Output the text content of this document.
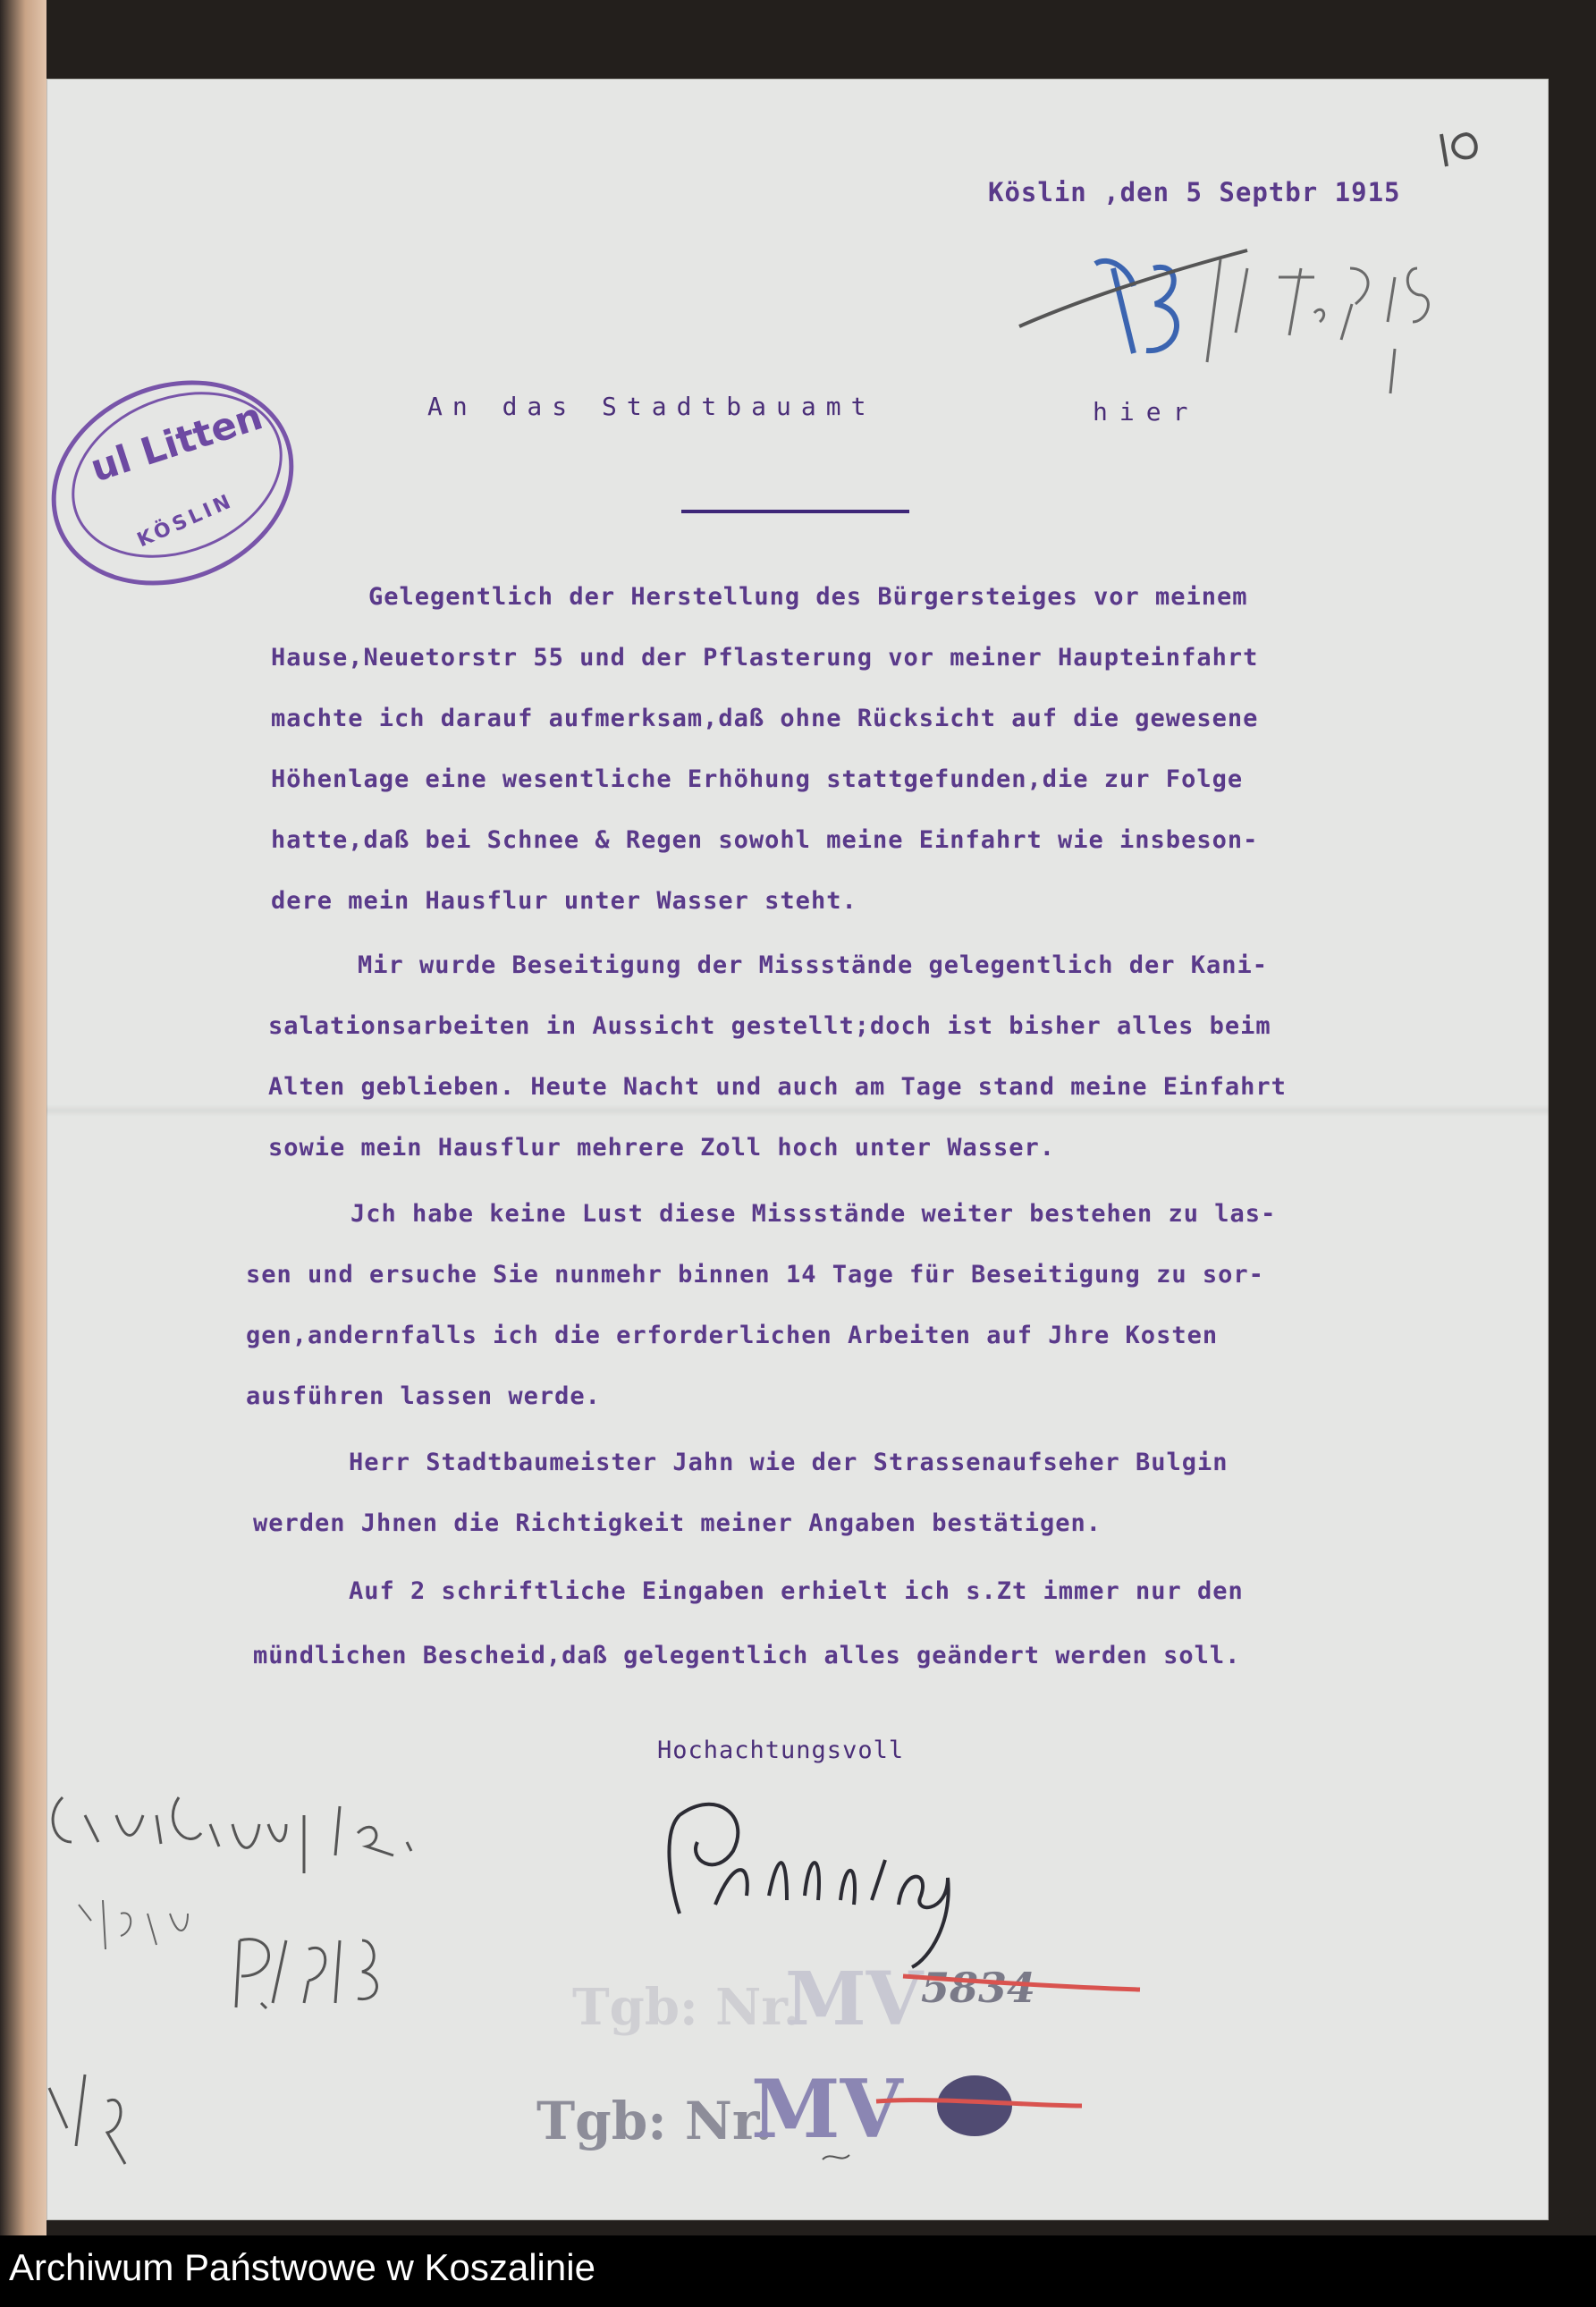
Köslin ,den 5 Septbr 1915
An das Stadtbauamt	hier
Gelegentlich der Herstellung des Bürgersteiges vor meinem
Hause,Neuetorstr 55 und der Pflasterung vor meiner Haupteinfahrt
machte ich darauf aufmerksam,daß ohne Rücksicht auf die gewesene
Höhenlage eine wesentliche Erhöhung stattgefunden,die zur Folge
hatte,daß bei Schnee & Regen sowohl meine Einfahrt wie insbeson-
dere mein Hausflur unter Wasser steht.
Mir wurde Beseitigung der Missstände gelegentlich der Kani-
salationsarbeiten in Aussicht gestellt;doch ist bisher alles beim
Alten geblieben. Heute Nacht und auch am Tage stand meine Einfahrt
sowie mein Hausflur mehrere Zoll hoch unter Wasser.
Jch habe keine Lust diese Missstände weiter bestehen zu las-
sen und ersuche Sie nunmehr binnen 14 Tage für Beseitigung zu sor-
gen,andernfalls ich die erforderlichen Arbeiten auf Jhre Kosten
ausführen lassen werde.
Herr Stadtbaumeister Jahn wie der Strassenaufseher Bulgin
werden Jhnen die Richtigkeit meiner Angaben bestätigen.
Auf 2 schriftliche Eingaben erhielt ich s.Zt immer nur den
mündlichen Bescheid,daß gelegentlich alles geändert werden soll.
Hochachtungsvoll
ul Litten
KÖSLIN
Tgb: Nr.
MV
5834
Tgb: Nr.
MV
Archiwum Państwowe w Koszalinie
